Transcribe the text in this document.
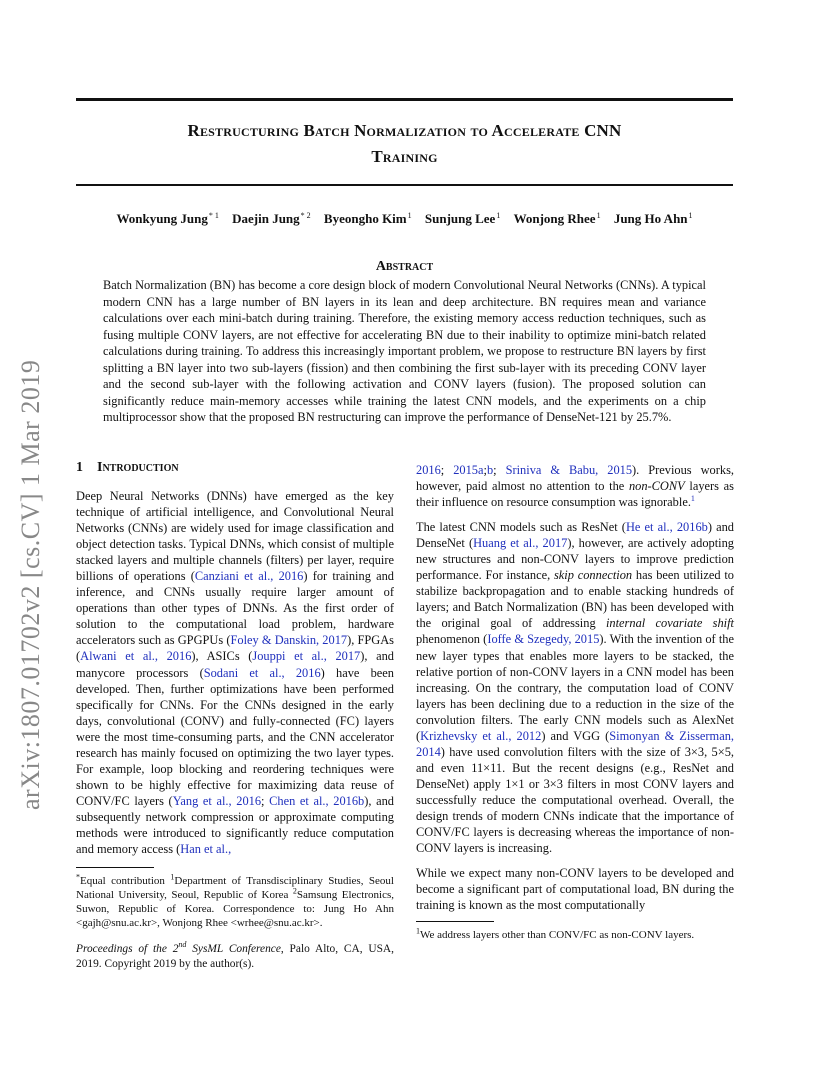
Restructuring Batch Normalization to Accelerate CNN
Training
Wonkyung Jung$^{* 1}$ Daejin Jung$^{* 2}$ Byeongho Kim$^1$ Sunjung Lee$^1$ Wonjong Rhee$^1$ Jung Ho Ahn$^1$
Abstract

Batch Normalization (BN) has become a core design block of modern Convolutional Neural Networks (CNNs). A typical modern CNN has a large number of BN layers in its lean and deep architecture. BN requires mean and variance calculations over each mini-batch during training. Therefore, the existing memory access reduction techniques, such as fusing multiple CONV layers, are not effective for accelerating BN due to their inability to optimize mini-batch related calculations during training. To address this increasingly important problem, we propose to restructure BN layers by first splitting a BN layer into two sub-layers (fission) and then combining the first sub-layer with its preceding CONV layer and the second sub-layer with the following activation and CONV layers (fusion). The proposed solution can significantly reduce main-memory accesses while training the latest CNN models, and the experiments on a chip multiprocessor show that the proposed BN restructuring can improve the performance of DenseNet-121 by 25.7%.

arXiv:1807.01702v2 [cs.CV] 1 Mar 2019 1 Introduction

Deep Neural Networks (DNNs) have emerged as the key technique of artificial intelligence, and Convolutional Neural Networks (CNNs) are widely used for image classification and object detection tasks. Typical DNNs, which consist of multiple stacked layers and multiple channels (filters) per layer, require billions of operations (Canziani et al., 2016) for training and inference, and CNNs usually require larger amount of operations than other types of DNNs. As the first order of solution to the computational load problem, hardware accelerators such as GPGPUs (Foley & Danskin, 2017), FPGAs (Alwani et al., 2016), ASICs (Jouppi et al., 2017), and manycore processors (Sodani et al., 2016) have been developed. Then, further optimizations have been performed specifically for CNNs. For the CNNs designed in the early days, convolutional (CONV) and fully-connected (FC) layers were the most time-consuming parts, and the CNN accelerator research has mainly focused on optimizing the two layer types. For example, loop blocking and reordering techniques were shown to be highly effective for maximizing data reuse of CONV/FC layers (Yang et al., 2016; Chen et al., 2016b), and subsequently network compression or approximate computing methods were introduced to significantly reduce computation and memory access (Han et al.,

*Equal contribution $^1$Department of Transdisciplinary Studies, Seoul National University, Seoul, Republic of Korea $^2$Samsung Electronics, Suwon, Republic of Korea. Correspondence to: Jung Ho Ahn <gajh@snu.ac.kr>, Wonjong Rhee <wrhee@snu.ac.kr>.

Proceedings of the 2nd SysML Conference, Palo Alto, CA, USA, 2019. Copyright 2019 by the author(s).

2016; 2015a;b; Sriniva & Babu, 2015). Previous works, however, paid almost no attention to the non-CONV layers as their influence on resource consumption was ignorable.$^1$

The latest CNN models such as ResNet (He et al., 2016b) and DenseNet (Huang et al., 2017), however, are actively adopting new structures and non-CONV layers to improve prediction performance. For instance, skip connection has been utilized to stabilize backpropagation and to enable stacking hundreds of layers; and Batch Normalization (BN) has been developed with the original goal of addressing internal covariate shift phenomenon (Ioffe & Szegedy, 2015). With the invention of the new layer types that enables more layers to be stacked, the relative portion of non-CONV layers in a CNN model has been increasing. On the contrary, the computation load of CONV layers has been declining due to a reduction in the size of the convolution filters. The early CNN models such as AlexNet (Krizhevsky et al., 2012) and VGG (Simonyan & Zisserman, 2014) have used convolution filters with the size of 3×3, 5×5, and even 11×11. But the recent designs (e.g., ResNet and DenseNet) apply 1×1 or 3×3 filters in most CONV layers and successfully reduce the computational overhead. Overall, the design trends of modern CNNs indicate that the importance of CONV/FC layers is decreasing whereas the importance of non-CONV layers is increasing.

While we expect many non-CONV layers to be developed and become a significant part of computational load, BN during the training is known as the most computationally

$^1$We address layers other than CONV/FC as non-CONV layers.
